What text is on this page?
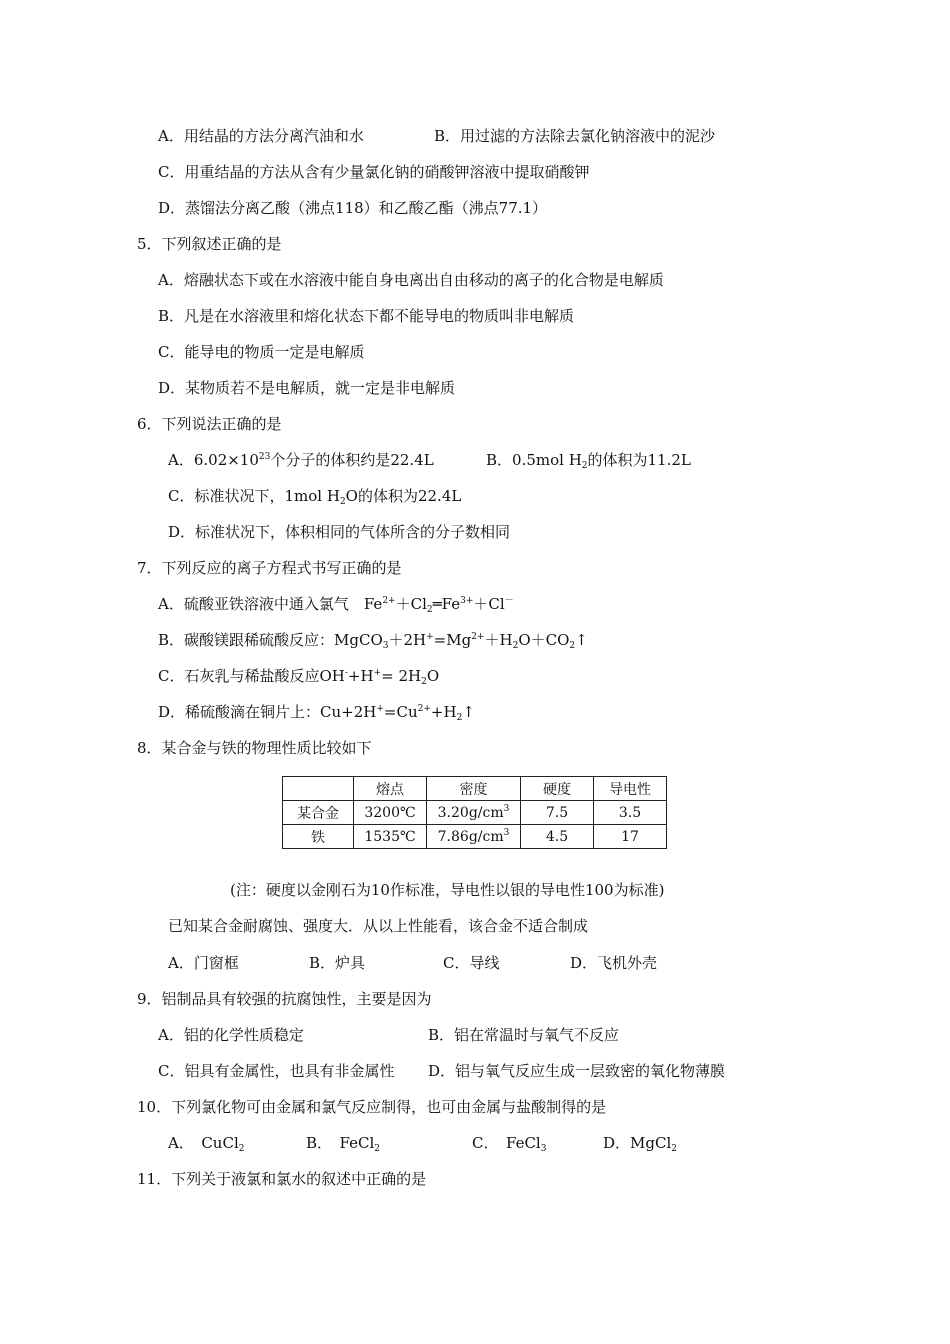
A．用结晶的方法分离汽油和水	B．用过滤的方法除去氯化钠溶液中的泥沙
C．用重结晶的方法从含有少量氯化钠的硝酸钾溶液中提取硝酸钾
D．蒸馏法分离乙酸（沸点118）和乙酸乙酯（沸点77.1）
5．下列叙述正确的是
A．熔融状态下或在水溶液中能自身电离出自由移动的离子的化合物是电解质
B．凡是在水溶液里和熔化状态下都不能导电的物质叫非电解质
C．能导电的物质一定是电解质
D．某物质若不是电解质，就一定是非电解质
6．下列说法正确的是
A．$6.02\times 10^{23}$个分子的体积约是22.4L	B．0.5mol $H_2$的体积为11.2L
C．标准状况下，1mol $H_2O$的体积为22.4L
D．标准状况下，体积相同的气体所含的分子数相同
7．下列反应的离子方程式书写正确的是
A．硫酸亚铁溶液中通入氯气　$Fe^{2+}+Cl_2═Fe^{3+}+Cl^-$
B．碳酸镁跟稀硫酸反应：$MgCO_3+2H^+=Mg^{2+}+H_2O+CO_2↑$
C．石灰乳与稀盐酸反应$OH^-+H^+= 2H_2O$
D．稀硫酸滴在铜片上：$Cu+2H^+=Cu^{2+}+H_2↑$
8．某合金与铁的物理性质比较如下
	熔点	密度	硬度	导电性
某合金	3200℃	$3.20g/cm^3$	7.5	3.5
铁	1535℃	$7.86g/cm^3$	4.5	17
(注：硬度以金刚石为10作标准，导电性以银的导电性100为标准)
已知某合金耐腐蚀、强度大．从以上性能看，该合金不适合制成
A．门窗框	B．炉具	C．导线	D．飞机外壳
9．铝制品具有较强的抗腐蚀性，主要是因为
A．铝的化学性质稳定	B．铝在常温时与氧气不反应
C．铝具有金属性，也具有非金属性 D．铝与氧气反应生成一层致密的氧化物薄膜
10．下列氯化物可由金属和氯气反应制得，也可由金属与盐酸制得的是
A．　CuCl$_2$	B．　FeCl$_2$	C．　FeCl$_3$	D．MgCl$_2$
11．下列关于液氯和氯水的叙述中正确的是
